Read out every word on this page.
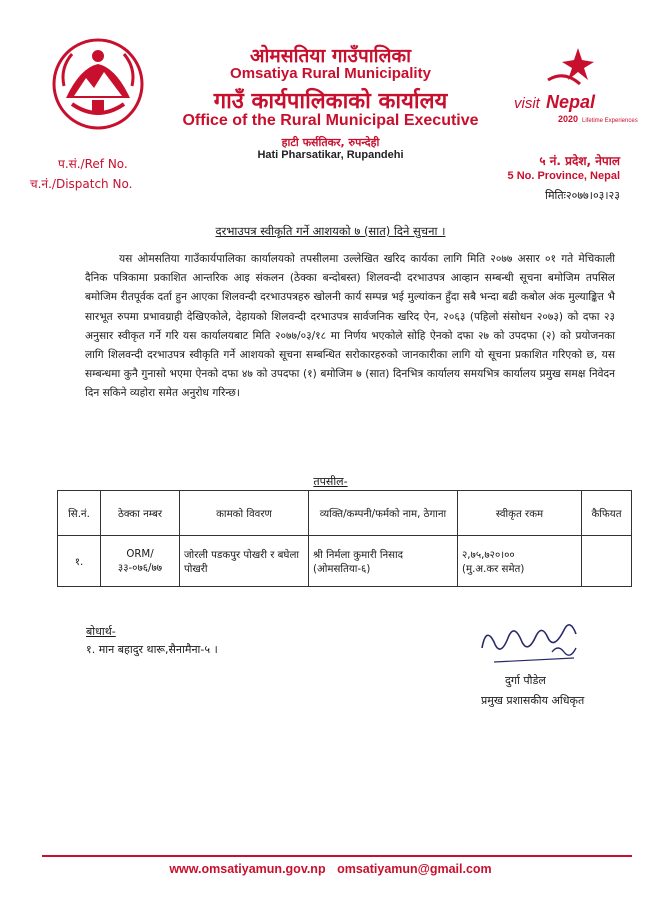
visit Nepal
2020 Lifetime Experiences
ओमसतिया गाउँपालिका
Omsatiya Rural Municipality
गाउँ कार्यपालिकाको कार्यालय
Office of the Rural Municipal Executive
हाटी फर्सतिकर, रुपन्देही
Hati Pharsatikar, Rupandehi
प.सं./Ref No.
च.नं./Dispatch No.
५ नं. प्रदेश, नेपाल
5 No. Province, Nepal
मितिः२०७७।०३।२३
दरभाउपत्र स्वीकृति गर्ने आशयको ७ (सात) दिने सुचना ।

यस ओमसतिया गाउँकार्यपालिका कार्यालयको तपसीलमा उल्लेखित खरिद कार्यका लागि मिति २०७७ असार ०१ गते मेचिकाली दैनिक पत्रिकामा प्रकाशित आन्तरिक आइ संकलन (ठेक्का बन्दोबस्त) शिलवन्दी दरभाउपत्र आव्हान सम्बन्धी सूचना बमोजिम तपसिल बमोजिम रीतपूर्वक दर्ता हुन आएका शिलवन्दी दरभाउपत्रहरु खोलनी कार्य सम्पन्न भई मुल्यांकन हुँदा सबै भन्दा बढी कबोल अंक मुल्याङ्कित भै सारभूत रुपमा प्रभावग्राही देखिएकोले, देहायको शिलवन्दी दरभाउपत्र सार्वजनिक खरिद ऐन, २०६३ (पहिलो संसोधन २०७३) को दफा २३ अनुसार स्वीकृत गर्ने गरि यस कार्यालयबाट मिति २०७७/०३/१८ मा निर्णय भएकोले सोहि ऐनको दफा २७ को उपदफा (२) को प्रयोजनका लागि शिलवन्दी दरभाउपत्र स्वीकृति गर्ने आशयको सूचना सम्बन्धित सरोकारहरुको जानकारीका लागि यो सूचना प्रकाशित गरिएको छ, यस सम्बन्धमा कुनै गुनासो भएमा ऐनको दफा ४७ को उपदफा (१) बमोजिम ७ (सात) दिनभित्र कार्यालय समयभित्र कार्यालय प्रमुख समक्ष निवेदन दिन सकिने व्यहोरा समेत अनुरोध गरिन्छ।

तपसील-
सि.नं.	ठेक्का नम्बर	कामको विवरण	व्यक्ति/कम्पनी/फर्मको नाम, ठेगाना	स्वीकृत रकम	कैफियत
१.	ORM/३३-०७६/७७	जोरली पडकपुर पोखरी र बघेला पोखरी	श्री निर्मला कुमारी निसाद (ओमसतिया-६)	२,७५,७२०।००
(मु.अ.कर समेत)	

बोधार्थ-
१. मान बहादुर थारू,सैनामैना-५ ।
दुर्गा पौडेल
प्रमुख प्रशासकीय अधिकृत
www.omsatiyamun.gov.np omsatiyamun@gmail.com
